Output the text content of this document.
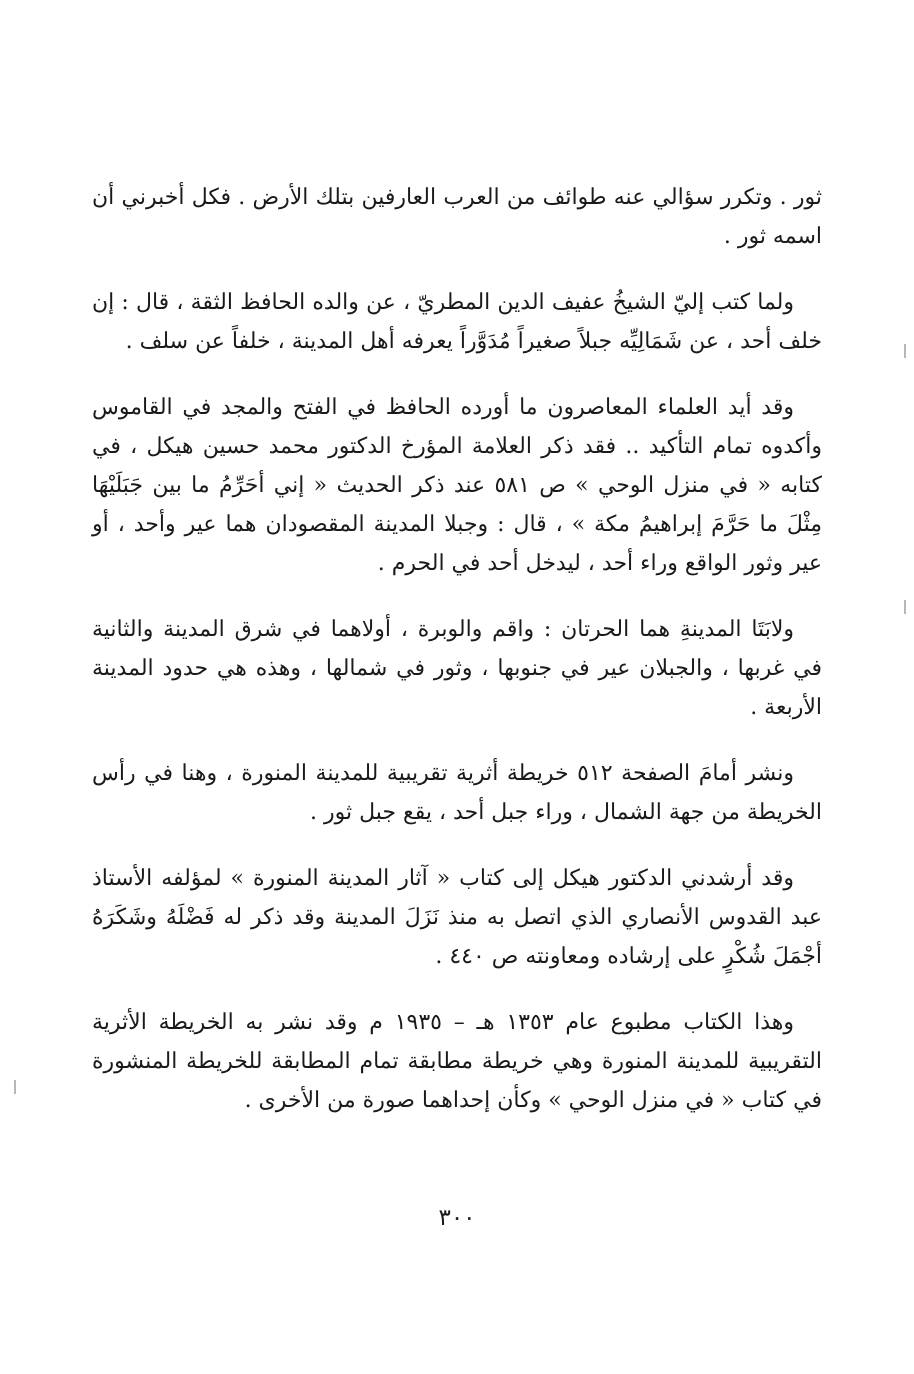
ثور . وتكرر سؤالي عنه طوائف من العرب العارفين بتلك الأرض . فكل أخبرني أن اسمه ثور .

ولما كتب إليّ الشيخُ عفيف الدين المطريّ ، عن والده الحافظ الثقة ، قال : إن خلف أحد ، عن شَمَالِيِّه جبلاً صغيراً مُدَوَّراً يعرفه أهل المدينة ، خلفاً عن سلف .

وقد أيد العلماء المعاصرون ما أورده الحافظ في الفتح والمجد في القاموس وأكدوه تمام التأكيد .. فقد ذكر العلامة المؤرخ الدكتور محمد حسين هيكل ، في كتابه « في منزل الوحي » ص ٥٨١ عند ذكر الحديث « إني أحَرِّمُ ما بين جَبَلَيْهَا مِثْلَ ما حَرَّمَ إبراهيمُ مكة » ، قال : وجبلا المدينة المقصودان هما عير وأحد ، أو عير وثور الواقع وراء أحد ، ليدخل أحد في الحرم .

ولابَتَا المدينةِ هما الحرتان : واقم والوبرة ، أولاهما في شرق المدينة والثانية في غربها ، والجبلان عير في جنوبها ، وثور في شمالها ، وهذه هي حدود المدينة الأربعة .

ونشر أمامَ الصفحة ٥١٢ خريطة أثرية تقريبية للمدينة المنورة ، وهنا في رأس الخريطة من جهة الشمال ، وراء جبل أحد ، يقع جبل ثور .

وقد أرشدني الدكتور هيكل إلى كتاب « آثار المدينة المنورة » لمؤلفه الأستاذ عبد القدوس الأنصاري الذي اتصل به منذ نَزَلَ المدينة وقد ذكر له فَضْلَهُ وشَكَرَهُ أجْمَلَ شُكْرٍ على إرشاده ومعاونته ص ٤٤٠ .

وهذا الكتاب مطبوع عام ١٣٥٣ هـ – ١٩٣٥ م وقد نشر به الخريطة الأثرية التقريبية للمدينة المنورة وهي خريطة مطابقة تمام المطابقة للخريطة المنشورة في كتاب « في منزل الوحي » وكأن إحداهما صورة من الأخرى .

٣٠٠
